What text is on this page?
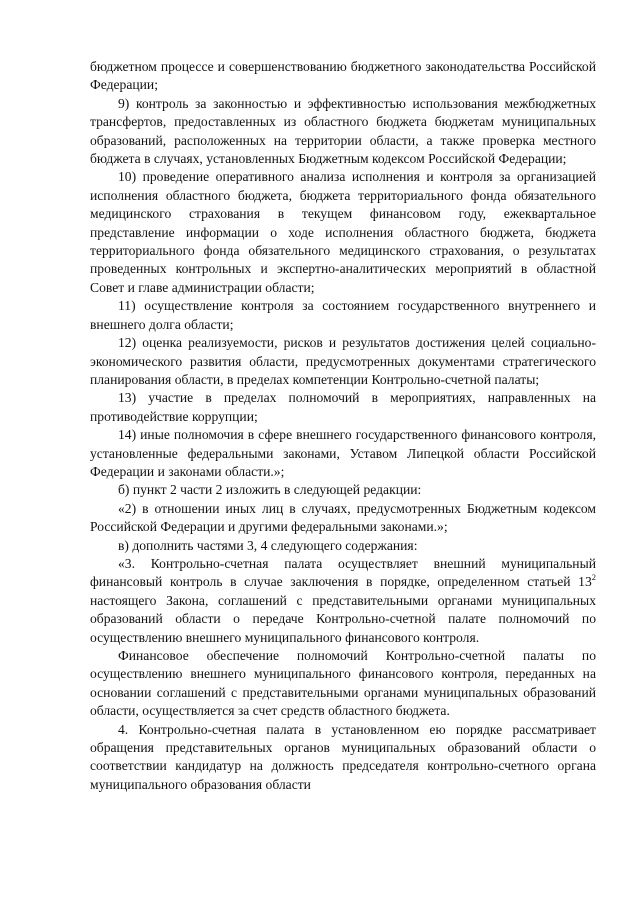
бюджетном процессе и совершенствованию бюджетного законодательства Российской Федерации;

9) контроль за законностью и эффективностью использования межбюджетных трансфертов, предоставленных из областного бюджета бюджетам муниципальных образований, расположенных на территории области, а также проверка местного бюджета в случаях, установленных Бюджетным кодексом Российской Федерации;

10) проведение оперативного анализа исполнения и контроля за организацией исполнения областного бюджета, бюджета территориального фонда обязательного медицинского страхования в текущем финансовом году, ежеквартальное представление информации о ходе исполнения областного бюджета, бюджета территориального фонда обязательного медицинского страхования, о результатах проведенных контрольных и экспертно-аналитических мероприятий в областной Совет и главе администрации области;

11) осуществление контроля за состоянием государственного внутреннего и внешнего долга области;

12) оценка реализуемости, рисков и результатов достижения целей социально-экономического развития области, предусмотренных документами стратегического планирования области, в пределах компетенции Контрольно-счетной палаты;

13) участие в пределах полномочий в мероприятиях, направленных на противодействие коррупции;

14) иные полномочия в сфере внешнего государственного финансового контроля, установленные федеральными законами, Уставом Липецкой области Российской Федерации и законами области.»;

б) пункт 2 части 2 изложить в следующей редакции:

«2) в отношении иных лиц в случаях, предусмотренных Бюджетным кодексом Российской Федерации и другими федеральными законами.»;

в) дополнить частями 3, 4 следующего содержания:

«3. Контрольно-счетная палата осуществляет внешний муниципальный финансовый контроль в случае заключения в порядке, определенном статьей $13^2$ настоящего Закона, соглашений с представительными органами муниципальных образований области о передаче Контрольно-счетной палате полномочий по осуществлению внешнего муниципального финансового контроля.

Финансовое обеспечение полномочий Контрольно-счетной палаты по осуществлению внешнего муниципального финансового контроля, переданных на основании соглашений с представительными органами муниципальных образований области, осуществляется за счет средств областного бюджета.

4. Контрольно-счетная палата в установленном ею порядке рассматривает обращения представительных органов муниципальных образований области о соответствии кандидатур на должность председателя контрольно-счетного органа муниципального образования области
